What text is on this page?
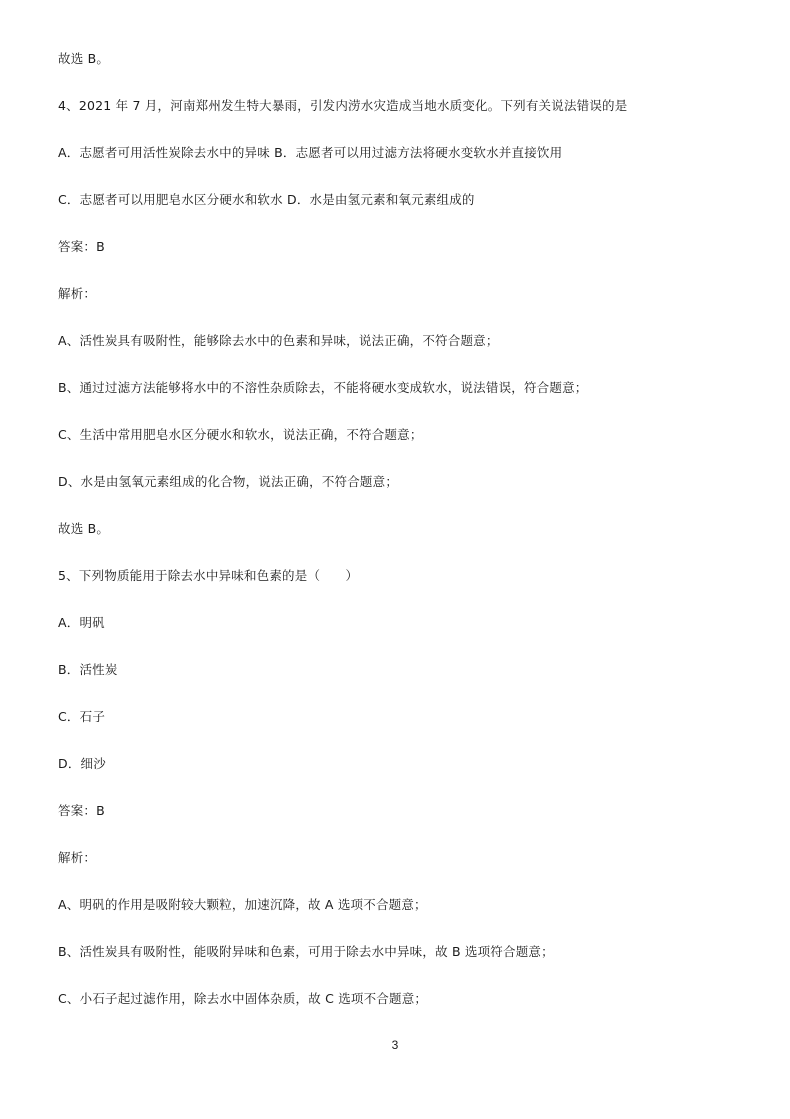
故选 B。
4、2021 年 7 月，河南郑州发生特大暴雨，引发内涝水灾造成当地水质变化。下列有关说法错误的是
A．志愿者可用活性炭除去水中的异味 B．志愿者可以用过滤方法将硬水变软水并直接饮用
C．志愿者可以用肥皂水区分硬水和软水 D．水是由氢元素和氧元素组成的
答案：B
解析：
A、活性炭具有吸附性，能够除去水中的色素和异味，说法正确，不符合题意；
B、通过过滤方法能够将水中的不溶性杂质除去，不能将硬水变成软水，说法错误，符合题意；
C、生活中常用肥皂水区分硬水和软水，说法正确，不符合题意；
D、水是由氢氧元素组成的化合物，说法正确，不符合题意；
故选 B。
5、下列物质能用于除去水中异味和色素的是（　　）
A．明矾
B．活性炭
C．石子
D．细沙
答案：B
解析：
A、明矾的作用是吸附较大颗粒，加速沉降，故 A 选项不合题意；
B、活性炭具有吸附性，能吸附异味和色素，可用于除去水中异味，故 B 选项符合题意；
C、小石子起过滤作用，除去水中固体杂质，故 C 选项不合题意；
3
